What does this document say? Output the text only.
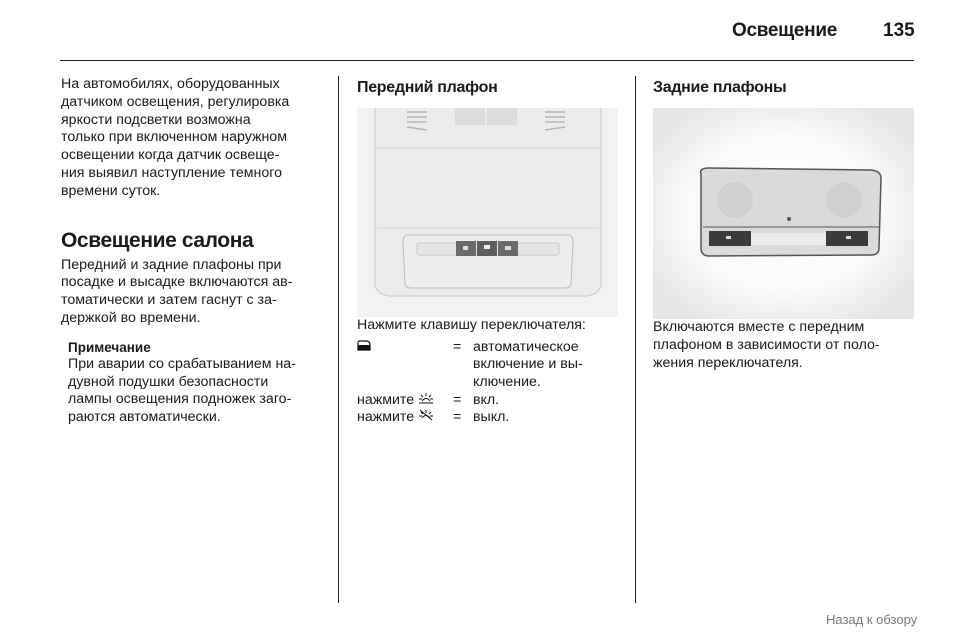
Освещение 135

На автомобилях, оборудованных
датчиком освещения, регулировка
яркости подсветки возможна
только при включенном наружном
освещении когда датчик освеще-
ния выявил наступление темного
времени суток.

Освещение салона

Передний и задние плафоны при
посадке и высадке включаются ав-
томатически и затем гаснут с за-
держкой во времени.

Примечание

При аварии со срабатыванием на-
дувной подушки безопасности
лампы освещения подножек заго-
раются автоматически.

Передний плафон

Нажмите клавишу переключателя:

	=	автоматическое
включение и вы-
ключение.
нажмите	=	вкл.
нажмите	=	выкл.
Задние плафоны

Включаются вместе с передним
плафоном в зависимости от поло-
жения переключателя.

Назад к обзору
